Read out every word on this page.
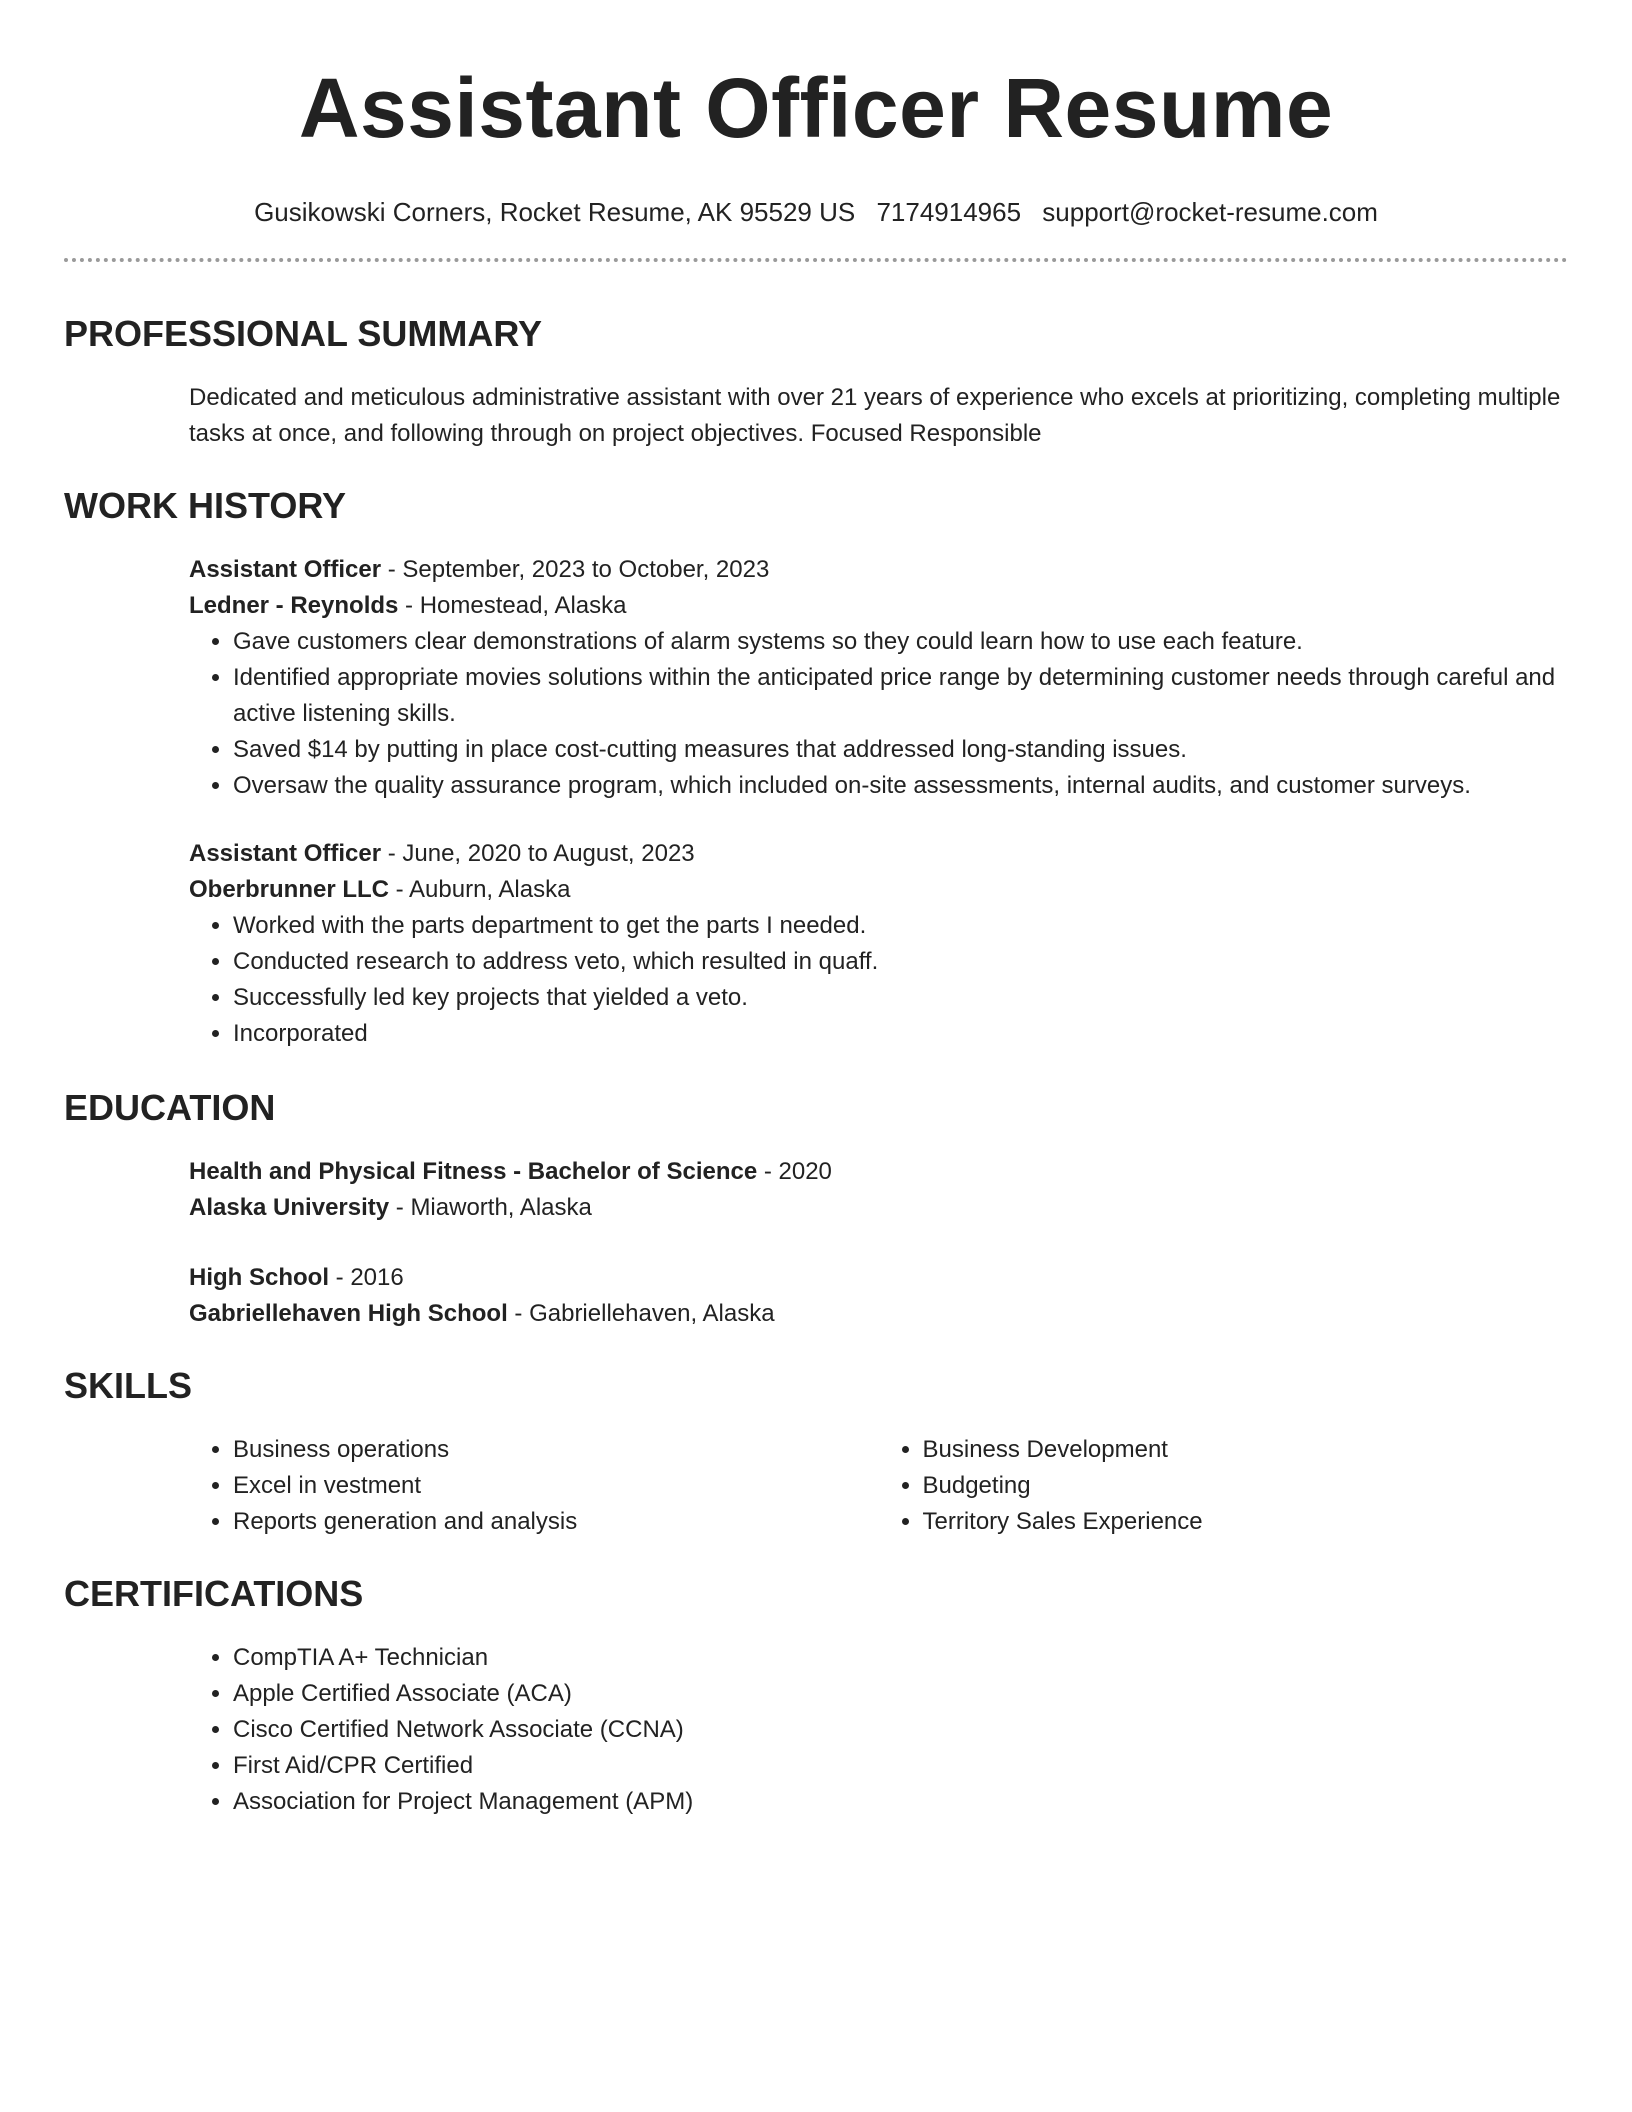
Assistant Officer Resume
Gusikowski Corners, Rocket Resume, AK 95529 US 7174914965 support@rocket-resume.com
PROFESSIONAL SUMMARY
Dedicated and meticulous administrative assistant with over 21 years of experience who excels at prioritizing, completing multiple tasks at once, and following through on project objectives. Focused Responsible
WORK HISTORY

Assistant Officer - September, 2023 to October, 2023

Ledner - Reynolds - Homestead, Alaska

• Gave customers clear demonstrations of alarm systems so they could learn how to use each feature.
• Identified appropriate movies solutions within the anticipated price range by determining customer needs through careful and active listening skills.
• Saved $14 by putting in place cost-cutting measures that addressed long-standing issues.
• Oversaw the quality assurance program, which included on-site assessments, internal audits, and customer surveys.

Assistant Officer - June, 2020 to August, 2023

Oberbrunner LLC - Auburn, Alaska

• Worked with the parts department to get the parts I needed.
• Conducted research to address veto, which resulted in quaff.
• Successfully led key projects that yielded a veto.
• Incorporated
EDUCATION

Health and Physical Fitness - Bachelor of Science - 2020

Alaska University - Miaworth, Alaska

High School - 2016

Gabriellehaven High School - Gabriellehaven, Alaska

SKILLS
• Business operations
• Excel in vestment
• Reports generation and analysis
• Business Development
• Budgeting
• Territory Sales Experience
CERTIFICATIONS
• CompTIA A+ Technician
• Apple Certified Associate (ACA)
• Cisco Certified Network Associate (CCNA)
• First Aid/CPR Certified
• Association for Project Management (APM)
